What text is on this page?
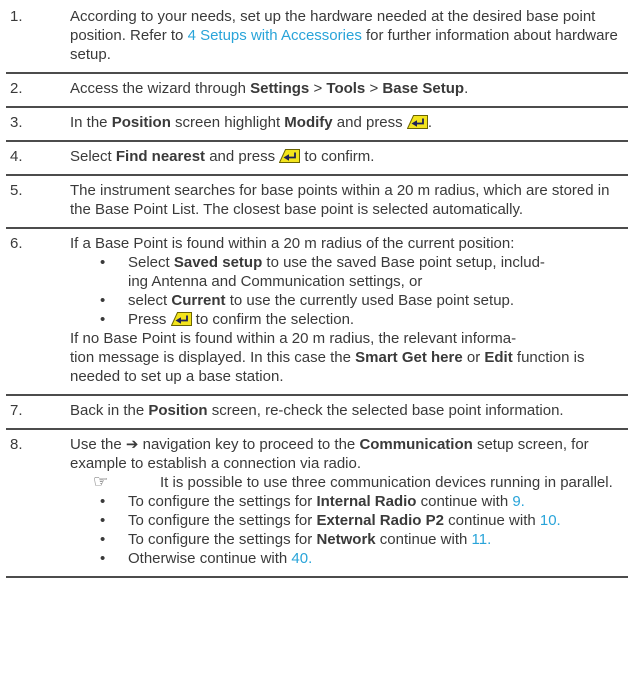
1.	According to your needs, set up the hardware needed at the desired base point position. Refer to 4 Setups with Accessories for further information about hardware setup.
2.	Access the wizard through Settings > Tools > Base Setup.
3.	In the Position screen highlight Modify and press
.
4.	Select Find nearest and press
to confirm.
5.	The instrument searches for base points within a 20 m radius, which are stored in the Base Point List. The closest base point is selected automatically.
6.	If a Base Point is found within a 20 m radius of the current position:
•	Select Saved setup to use the saved Base point setup, includ-
ing Antenna and Communication settings, or
•	select Current to use the currently used Base point setup.
•	Press
to confirm the selection.
If no Base Point is found within a 20 m radius, the relevant informa-
tion message is displayed. In this case the Smart Get here or Edit function is needed to set up a base station.
7.	Back in the Position screen, re-check the selected base point information.
8.	Use the ➔ navigation key to proceed to the Communication setup screen, for example to establish a connection via radio.
☞	It is possible to use three communication devices running in parallel.
•	To configure the settings for Internal Radio continue with 9.
•	To configure the settings for External Radio P2 continue with 10.
•	To configure the settings for Network continue with 11.
•	Otherwise continue with 40.
